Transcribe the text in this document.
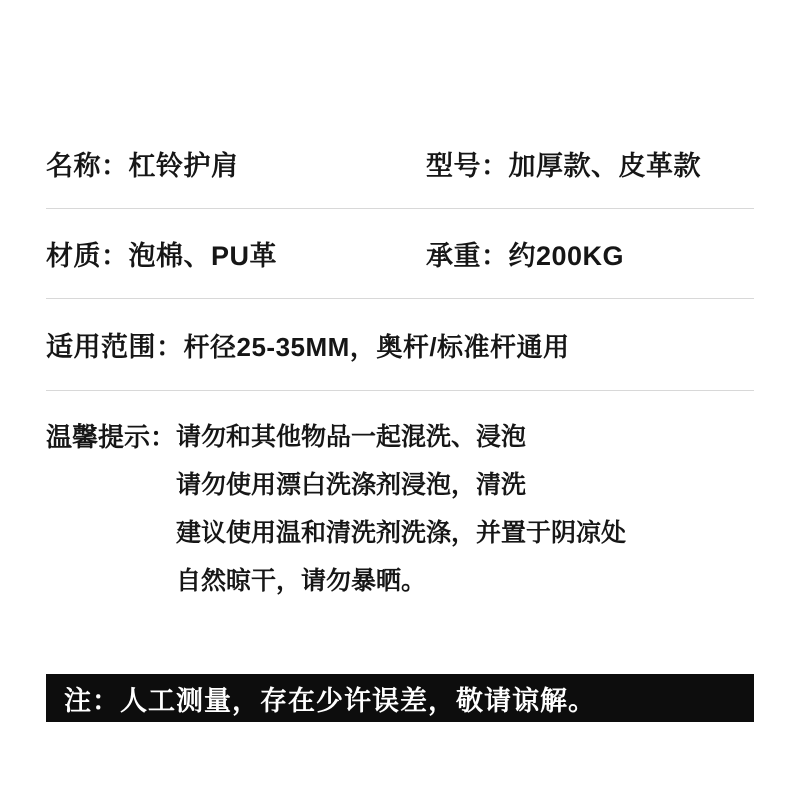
名称： 杠铃护肩	型号： 加厚款、皮革款
材质： 泡棉、PU革	承重： 约200KG
适用范围： 杆径25-35MM，奥杆/标准杆通用
温馨提示： 请勿和其他物品一起混洗、浸泡
请勿使用漂白洗涤剂浸泡，清洗
建议使用温和清洗剂洗涤，并置于阴凉处
自然晾干，请勿暴晒。
注：人工测量，存在少许误差，敬请谅解。
